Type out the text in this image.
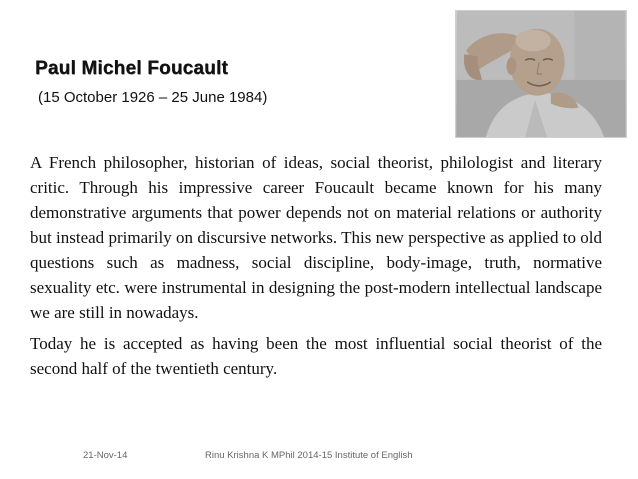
Paul Michel Foucault
(15 October 1926 – 25 June 1984)

A French philosopher, historian of ideas, social theorist, philologist and literary critic. Through his impressive career Foucault became known for his many demonstrative arguments that power depends not on material relations or authority but instead primarily on discursive networks. This new perspective as applied to old questions such as madness, social discipline, body-image, truth, normative sexuality etc. were instrumental in designing the post-modern intellectual landscape we are still in nowadays.

Today he is accepted as having been the most influential social theorist of the second half of the twentieth century.

21-Nov-14	Rinu Krishna K MPhil 2014-15 Institute of English
